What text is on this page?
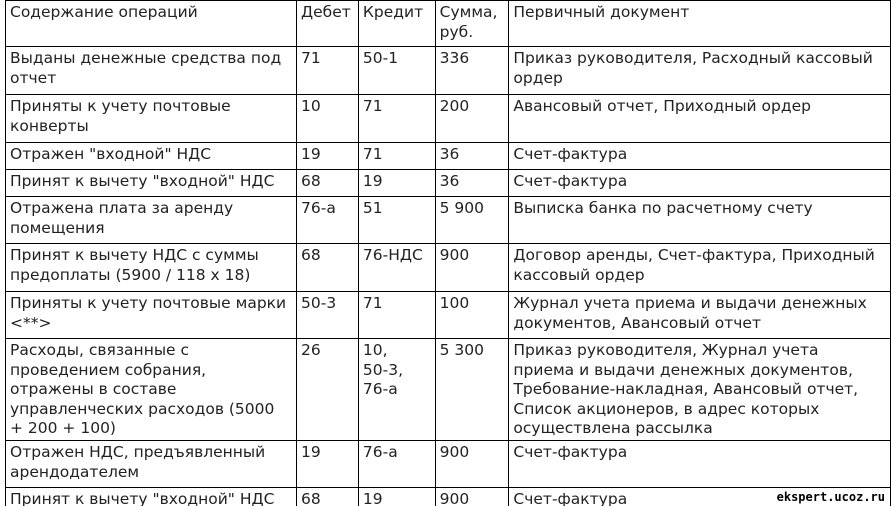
Содержание операций	Дебет	Кредит	Сумма,
руб.	Первичный документ
Выданы денежные средства под
отчет	71	50-1	336	Приказ руководителя, Расходный кассовый
ордер
Приняты к учету почтовые
конверты	10	71	200	Авансовый отчет, Приходный ордер
Отражен "входной" НДС	19	71	36	Счет-фактура
Принят к вычету "входной" НДС	68	19	36	Счет-фактура
Отражена плата за аренду
помещения	76-а	51	5 900	Выписка банка по расчетному счету
Принят к вычету НДС с суммы
предоплаты (5900 / 118 x 18)	68	76-НДС	900	Договор аренды, Счет-фактура, Приходный
кассовый ордер
Приняты к учету почтовые марки
<**>	50-3	71	100	Журнал учета приема и выдачи денежных
документов, Авансовый отчет
Расходы, связанные с
проведением собрания,
отражены в составе
управленческих расходов (5000
+ 200 + 100)	26	10,
50-3,
76-а	5 300	Приказ руководителя, Журнал учета
приема и выдачи денежных документов,
Требование-накладная, Авансовый отчет,
Список акционеров, в адрес которых
осуществлена рассылка
Отражен НДС, предъявленный
арендодателем	19	76-а	900	Счет-фактура
Принят к вычету "входной" НДС	68	19	900	Счет-фактура	ekspert.ucoz.ru
